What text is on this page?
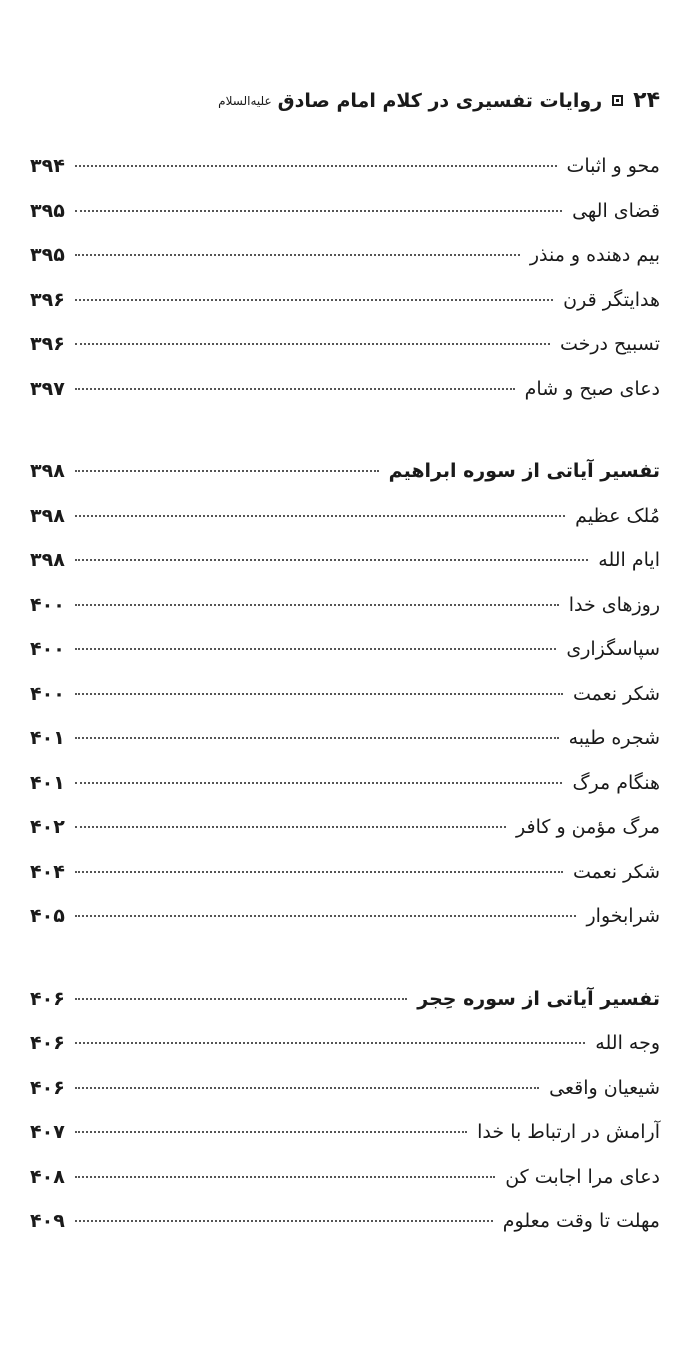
۲۴
روایات تفسیری در کلام امام صادق
علیه‌السلام
محو و اثبات
۳۹۴
قضای الهی
۳۹۵
بیم دهنده و منذر
۳۹۵
هدایتگر قرن
۳۹۶
تسبیح درخت
۳۹۶
دعای صبح و شام
۳۹۷
تفسیر آیاتی از سوره ابراهیم
۳۹۸
مُلک عظیم
۳۹۸
ایام الله
۳۹۸
روزهای خدا
۴۰۰
سپاسگزاری
۴۰۰
شکر نعمت
۴۰۰
شجره طیبه
۴۰۱
هنگام مرگ
۴۰۱
مرگ مؤمن و کافر
۴۰۲
شکر نعمت
۴۰۴
شرابخوار
۴۰۵
تفسیر آیاتی از سوره حِجر
۴۰۶
وجه الله
۴۰۶
شیعیان واقعی
۴۰۶
آرامش در ارتباط با خدا
۴۰۷
دعای مرا اجابت کن
۴۰۸
مهلت تا وقت معلوم
۴۰۹
